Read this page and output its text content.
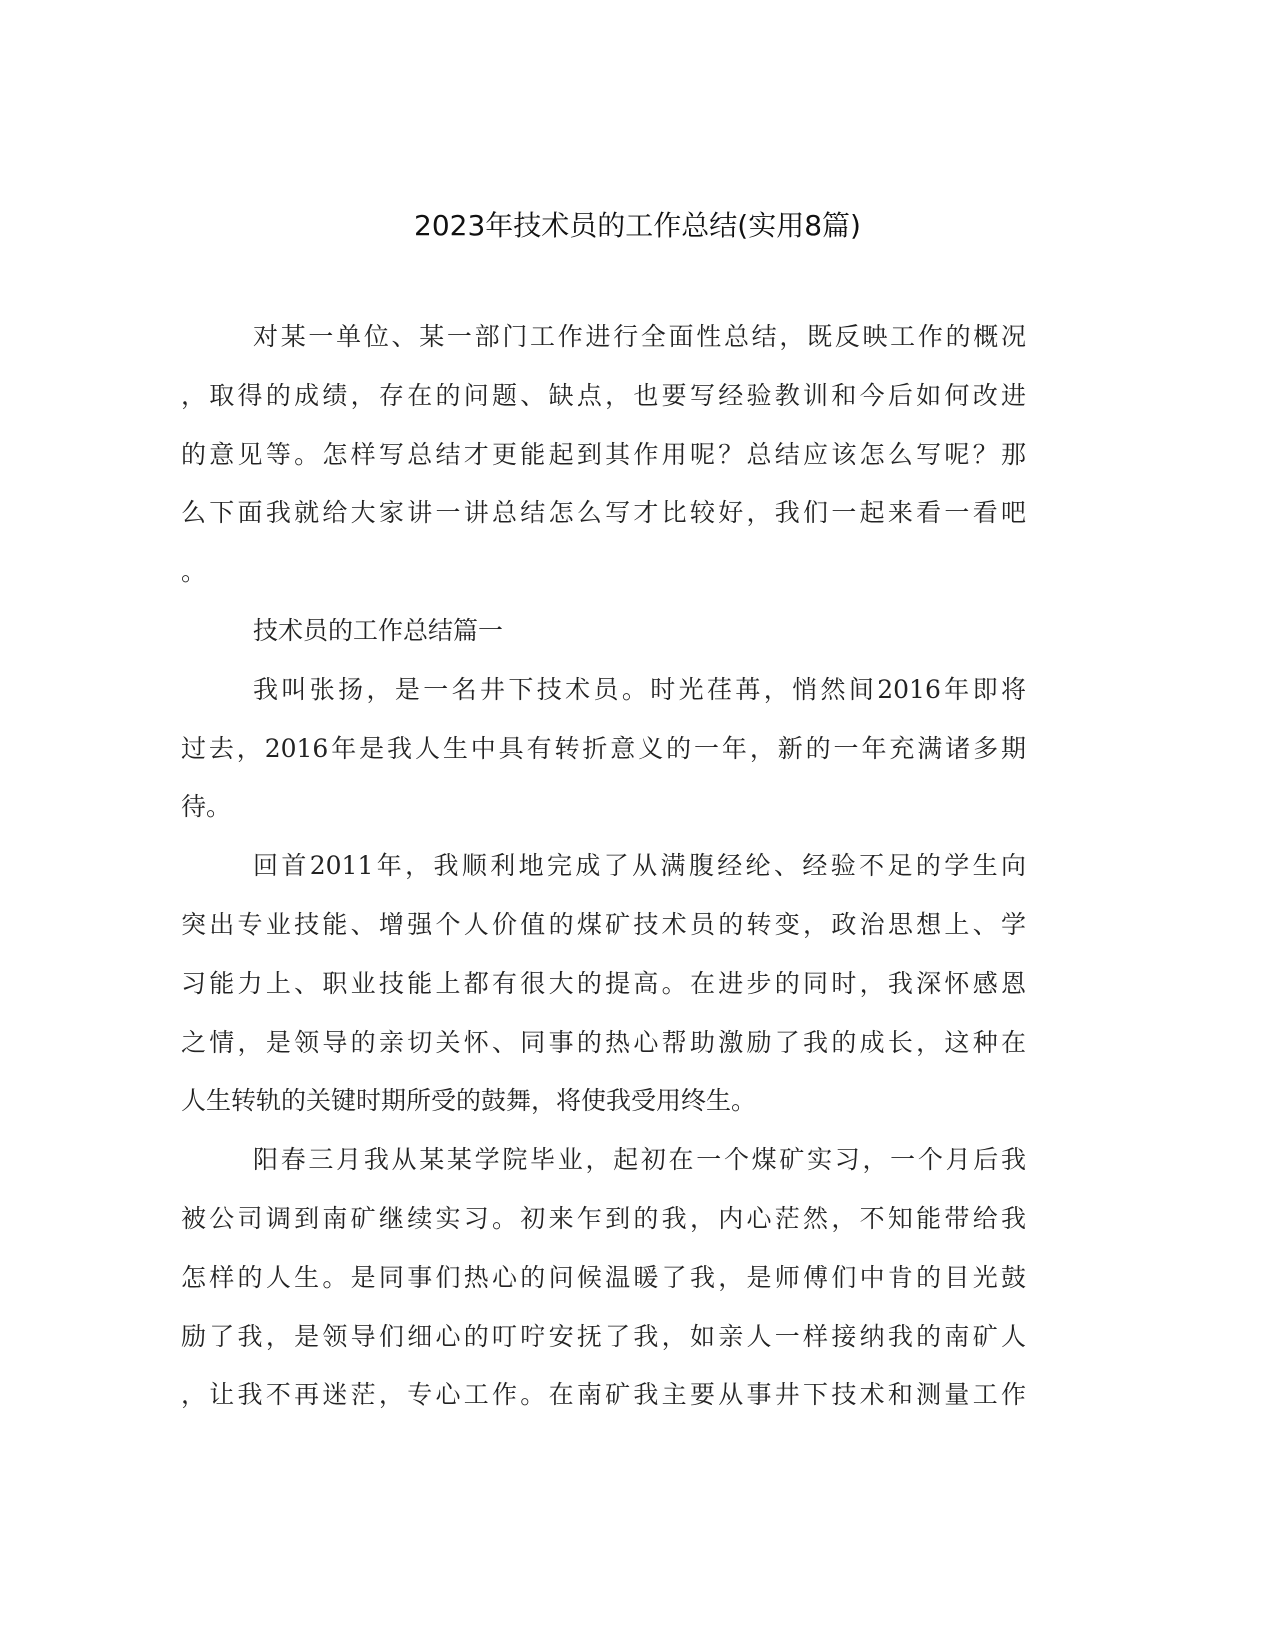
2023年技术员的工作总结(实用8篇)
对某一单位、某一部门工作进行全面性总结，既反映工作的概况
，取得的成绩，存在的问题、缺点，也要写经验教训和今后如何改进
的意见等。怎样写总结才更能起到其作用呢？总结应该怎么写呢？那
么下面我就给大家讲一讲总结怎么写才比较好，我们一起来看一看吧
。
技术员的工作总结篇一
我叫张扬，是一名井下技术员。时光荏苒，悄然间2016年即将
过去，2016年是我人生中具有转折意义的一年，新的一年充满诸多期
待。
回首2011年，我顺利地完成了从满腹经纶、经验不足的学生向
突出专业技能、增强个人价值的煤矿技术员的转变，政治思想上、学
习能力上、职业技能上都有很大的提高。在进步的同时，我深怀感恩
之情，是领导的亲切关怀、同事的热心帮助激励了我的成长，这种在
人生转轨的关键时期所受的鼓舞，将使我受用终生。
阳春三月我从某某学院毕业，起初在一个煤矿实习，一个月后我
被公司调到南矿继续实习。初来乍到的我，内心茫然，不知能带给我
怎样的人生。是同事们热心的问候温暖了我，是师傅们中肯的目光鼓
励了我，是领导们细心的叮咛安抚了我，如亲人一样接纳我的南矿人
，让我不再迷茫，专心工作。在南矿我主要从事井下技术和测量工作
